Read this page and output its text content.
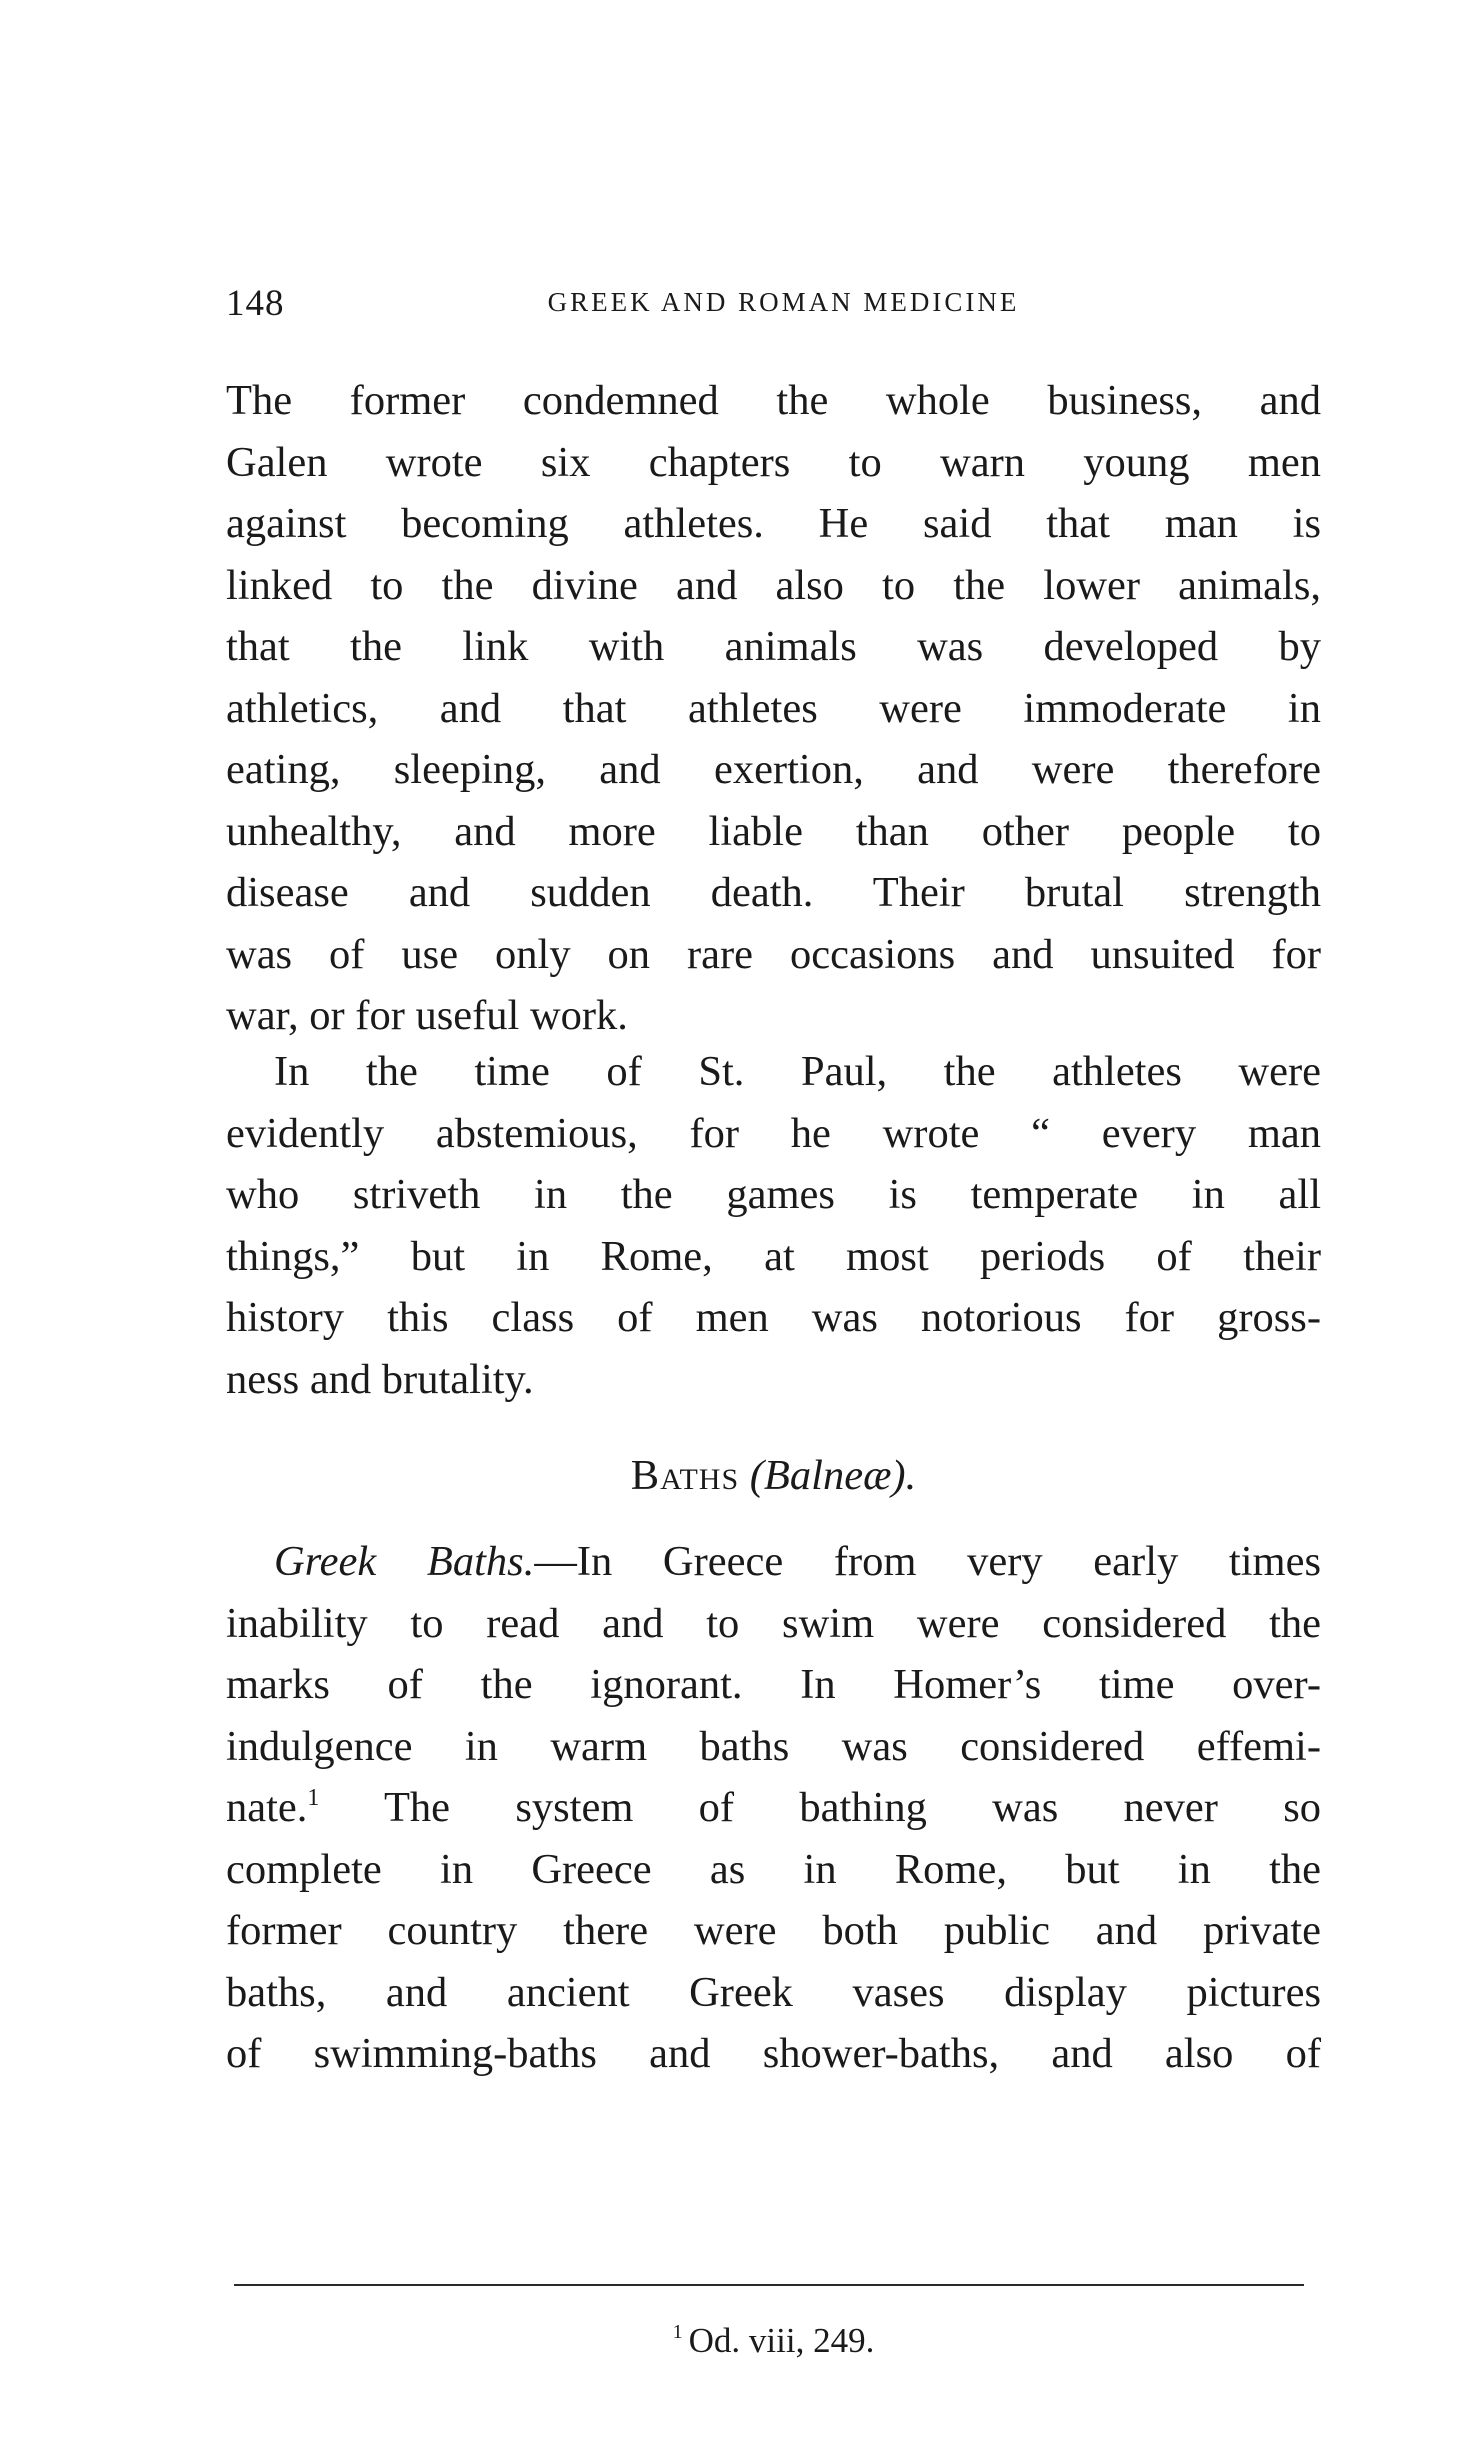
148	GREEK AND ROMAN MEDICINE
The former condemned the whole business, and
Galen wrote six chapters to warn young men
against becoming athletes. He said that man is
linked to the divine and also to the lower animals,
that the link with animals was developed by
athletics, and that athletes were immoderate in
eating, sleeping, and exertion, and were therefore
unhealthy, and more liable than other people to
disease and sudden death. Their brutal strength
was of use only on rare occasions and unsuited for
war, or for useful work.
In the time of St. Paul, the athletes were
evidently abstemious, for he wrote “ every man
who striveth in the games is temperate in all
things,” but in Rome, at most periods of their
history this class of men was notorious for gross-
ness and brutality.
Baths (Balneæ).
Greek Baths.—In Greece from very early times
inability to read and to swim were considered the
marks of the ignorant. In Homer’s time over-
indulgence in warm baths was considered effemi-
nate.$^1$ The system of bathing was never so
complete in Greece as in Rome, but in the
former country there were both public and private
baths, and ancient Greek vases display pictures
of swimming-baths and shower-baths, and also of
$^1$ Od. viii, 249.
